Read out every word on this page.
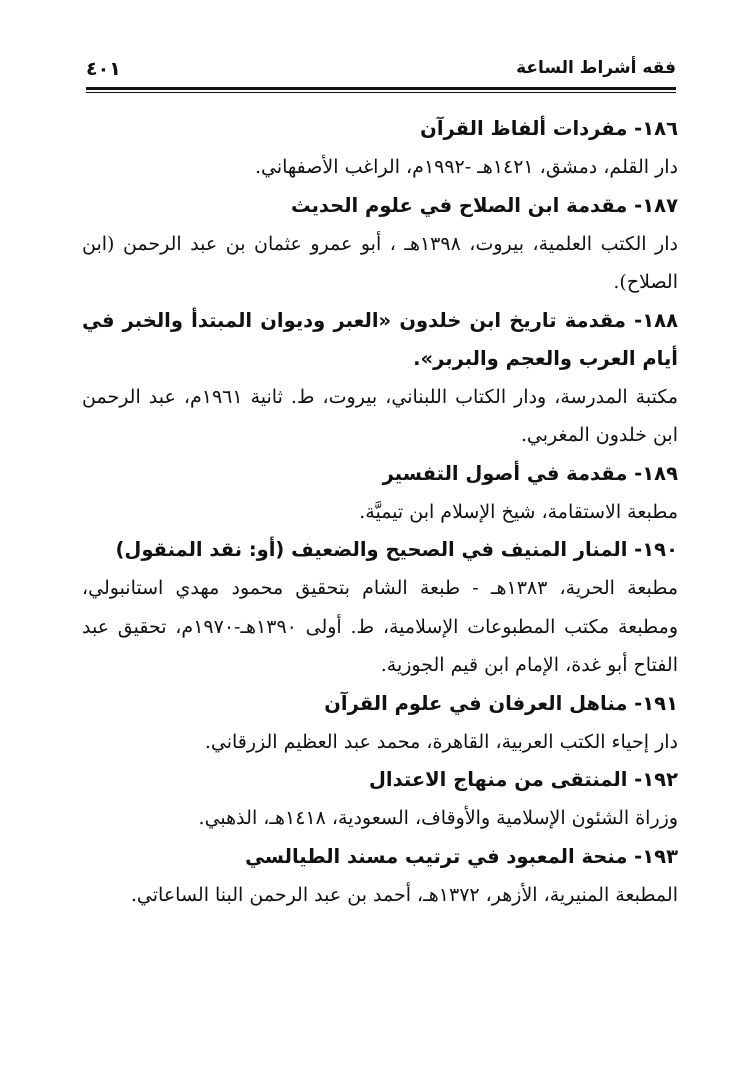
فقه أشراط الساعة
٤٠١

١٨٦- مفردات ألفاظ القرآن

دار القلم، دمشق، ١٤٢١هـ -١٩٩٢م، الراغب الأصفهاني.

١٨٧- مقدمة ابن الصلاح في علوم الحديث

دار الكتب العلمية، بيروت، ١٣٩٨هـ ، أبو عمرو عثمان بن عبد الرحمن (ابن الصلاح).

١٨٨- مقدمة تاريخ ابن خلدون «العبر وديوان المبتدأ والخبر في أيام العرب والعجم والبربر».

مكتبة المدرسة، ودار الكتاب اللبناني، بيروت، ط. ثانية ١٩٦١م، عبد الرحمن ابن خلدون المغربي.

١٨٩- مقدمة في أصول التفسير

مطبعة الاستقامة، شيخ الإسلام ابن تيميَّة.

١٩٠- المنار المنيف في الصحيح والضعيف (أو: نقد المنقول)

مطبعة الحرية، ١٣٨٣هـ - طبعة الشام بتحقيق محمود مهدي استانبولي، ومطبعة مكتب المطبوعات الإسلامية، ط. أولى ١٣٩٠هـ-١٩٧٠م، تحقيق عبد الفتاح أبو غدة، الإمام ابن قيم الجوزية.

١٩١- مناهل العرفان في علوم القرآن

دار إحياء الكتب العربية، القاهرة، محمد عبد العظيم الزرقاني.

١٩٢- المنتقى من منهاج الاعتدال

وزراة الشئون الإسلامية والأوقاف، السعودية، ١٤١٨هـ، الذهبي.

١٩٣- منحة المعبود في ترتيب مسند الطيالسي

المطبعة المنيرية، الأزهر، ١٣٧٢هـ، أحمد بن عبد الرحمن البنا الساعاتي.
